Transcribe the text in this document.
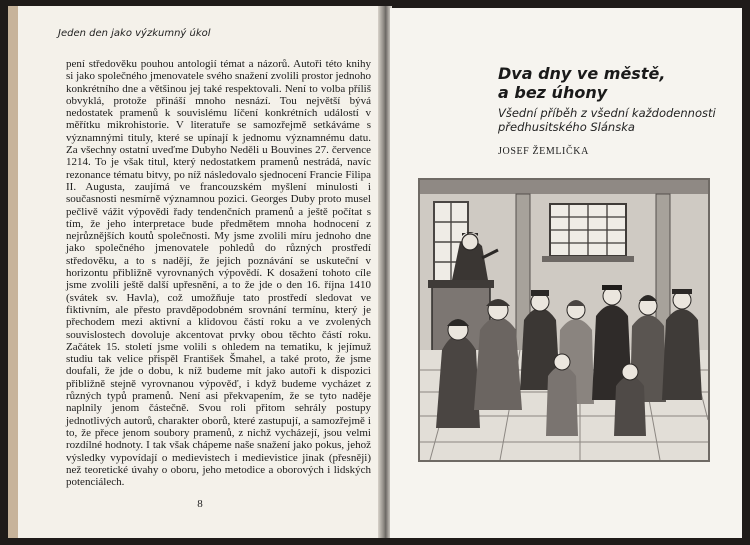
Jeden den jako výzkumný úkol

pení středověku pouhou antologií témat a názorů. Autoři této knihy si jako společného jmenovatele svého snažení zvolili prostor jednoho konkrétního dne a většinou jej také respektovali. Není to volba příliš obvyklá, protože přináší mnoho nesnází. Tou největší bývá nedostatek pramenů k souvislému líčení konkrétních událostí v měřítku mikrohistorie. V literatuře se samozřejmě setkáváme s významnými tituly, které se upínají k jednomu významnému datu. Za všechny ostatní uveďme Dubyho Neděli u Bouvines 27. července 1214. To je však titul, který nedostatkem pramenů nestrádá, navíc rezonance tématu bitvy, po níž následovalo sjednocení Francie Filipa II. Augusta, zaujímá ve francouzském myšlení minulosti i současnosti nesmírně významnou pozici. Georges Duby proto musel pečlivě vážit výpovědi řady tendenčních pramenů a ještě počítat s tím, že jeho interpretace bude předmětem mnoha hodnocení z nejrůznějších koutů společnosti. My jsme zvolili míru jednoho dne jako společného jmenovatele pohledů do různých prostředí středověku, a to s nadějí, že jejich poznávání se uskuteční v horizontu přibližně vyrovnaných výpovědí. K dosažení tohoto cíle jsme zvolili ještě další upřesnění, a to že jde o den 16. října 1410 (svátek sv. Havla), což umožňuje tato prostředí sledovat ve fiktivním, ale přesto pravděpodobném srovnání termínu, který je přechodem mezi aktivní a klidovou částí roku a ve zvolených souvislostech dovoluje akcentovat prvky obou těchto částí roku. Začátek 15. století jsme volili s ohledem na tematiku, k jejímuž studiu tak velice přispěl František Šmahel, a také proto, že jsme doufali, že jde o dobu, k níž budeme mít jako autoři k dispozici přibližně stejně vyrovnanou výpověď, i když budeme vycházet z různých typů pramenů. Není asi překvapením, že se tyto naděje naplnily jenom částečně. Svou roli přitom sehrály postupy jednotlivých autorů, charakter oborů, které zastupují, a samozřejmě i to, že přece jenom soubory pramenů, z nichž vycházejí, jsou velmi rozdílné hodnoty. I tak však chápeme naše snažení jako pokus, jehož výsledky vypovídají o medievistech i medievistice jinak (přesněji) než teoretické úvahy o oboru, jeho metodice a oborových i lidských potenciálech.

8
Dva dny ve městě,
a bez úhony

Všední příběh z všední každodennosti
předhusitského Slánska

JOSEF ŽEMLIČKA
